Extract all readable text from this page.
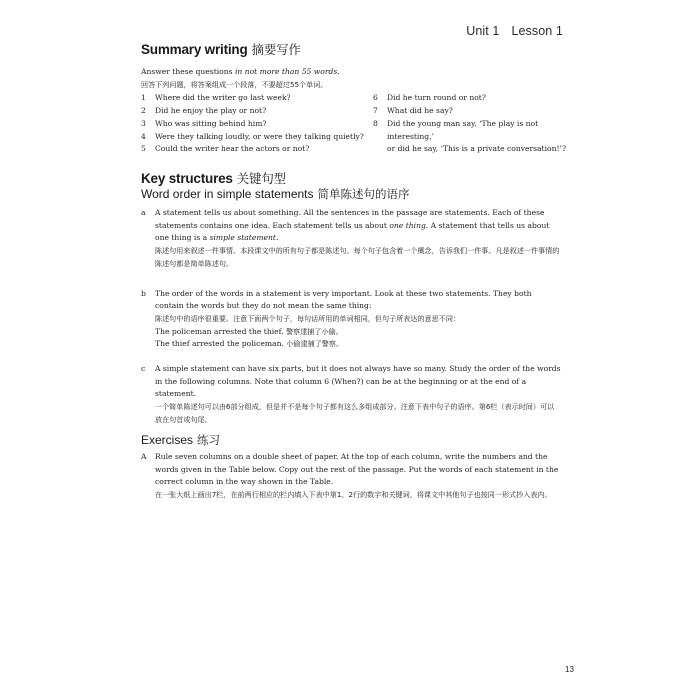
Unit 1 Lesson 1
Summary writing 摘要写作

Answer these questions in not more than 55 words.

回答下列问题，将答案组成一个段落，不要超过55个单词。

1	Where did the writer go last week?
2	Did he enjoy the play or not?
3	Who was sitting behind him?
4	Were they talking loudly, or were they talking quietly?
5	Could the writer hear the actors or not?
6	Did he turn round or not?
7	What did he say?
8	Did the young man say, ‘The play is not interesting,’
or did he say, ‘This is a private conversation!’?
Key structures 关键句型
Word order in simple statements 简单陈述句的语序
a	A statement tells us about something. All the sentences in the passage are statements. Each of these statements contains one idea. Each statement tells us about one thing. A statement that tells us about one thing is a simple statement.

陈述句用来叙述一件事情。本段课文中的所有句子都是陈述句。每个句子包含着一个概念，告诉我们一件事。凡是叙述一件事情的陈述句都是简单陈述句。

b	The order of the words in a statement is very important. Look at these two statements. They both contain the words but they do not mean the same thing:

陈述句中的语序很重要。注意下面两个句子，每句话所用的单词相同，但句子所表达的意思不同：

The policeman arrested the thief. 警察逮捕了小偷。

The thief arrested the policeman. 小偷逮捕了警察。

c	A simple statement can have six parts, but it does not always have so many. Study the order of the words in the following columns. Note that column 6 (When?) can be at the beginning or at the end of a statement.

一个简单陈述句可以由6部分组成，但是并不是每个句子都有这么多组成部分。注意下表中句子的语序。第6栏（表示时间）可以放在句首或句尾。

Exercises 练习
A	Rule seven columns on a double sheet of paper. At the top of each column, write the numbers and the words given in the Table below. Copy out the rest of the passage. Put the words of each statement in the correct column in the way shown in the Table.

在一张大纸上画出7栏，在前两行相应的栏内填入下表中第1、2行的数字和关键词，将课文中其他句子也按同一形式抄入表内。

13
